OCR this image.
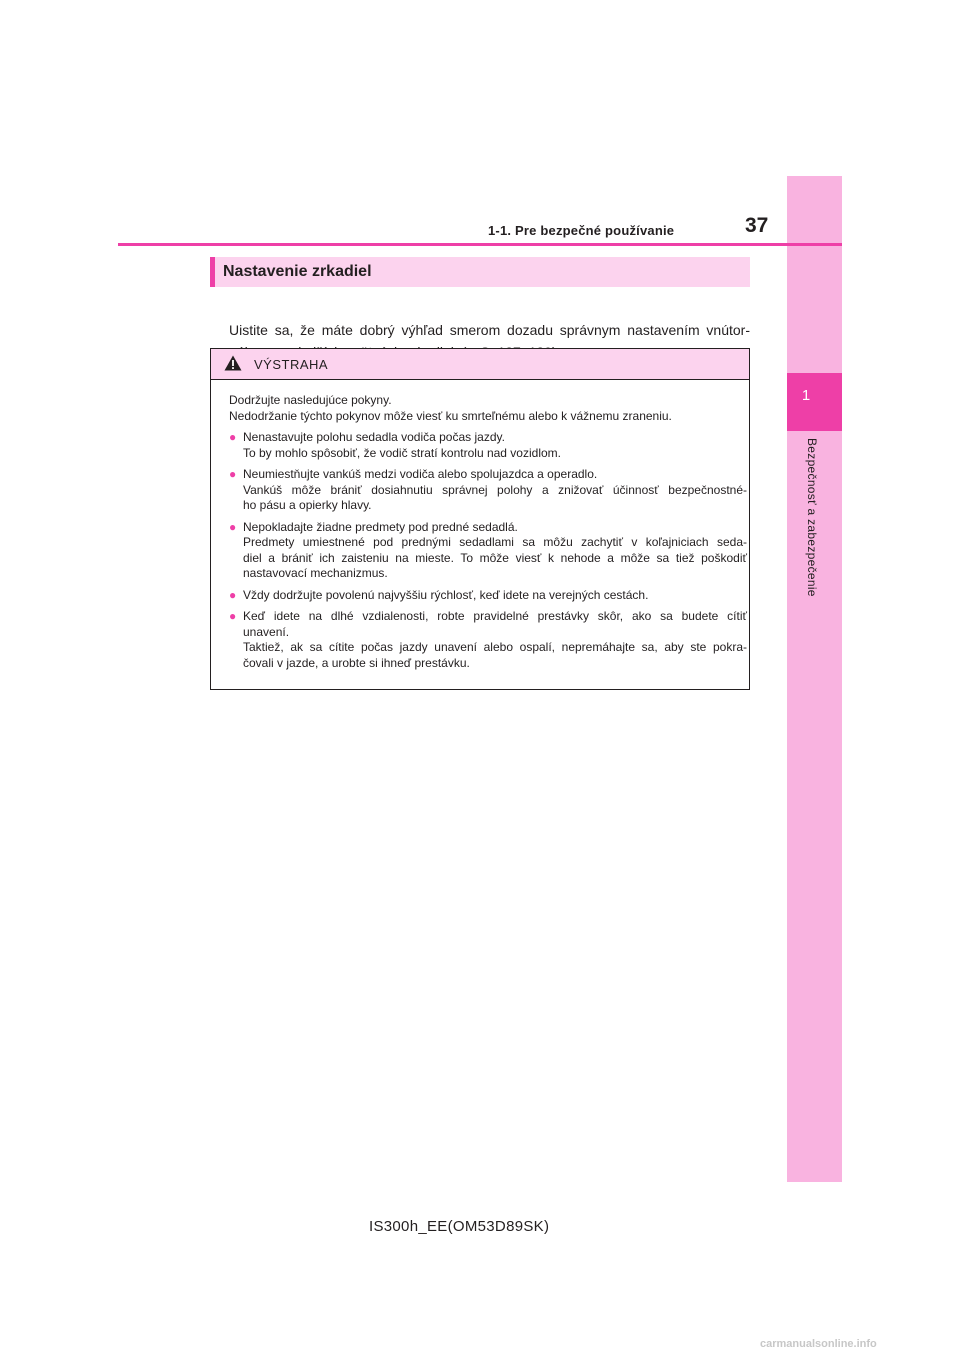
1
Bezpečnosť a zabezpečenie
1-1. Pre bezpečné používanie	37
Nastavenie zrkadiel
Uistite sa, že máte dobrý výhľad smerom dozadu správnym nastavením vnútor-
VÝSTRAHA
Dodržujte nasledujúce pokyny.
Nedodržanie týchto pokynov môže viesť ku smrteľnému alebo k vážnemu zraneniu.
● Nenastavujte polohu sedadla vodiča počas jazdy.
To by mohlo spôsobiť, že vodič stratí kontrolu nad vozidlom.
● Neumiestňujte vankúš medzi vodiča alebo spolujazdca a operadlo.
Vankúš môže brániť dosiahnutiu správnej polohy a znižovať účinnosť bezpečnostné-
ho pásu a opierky hlavy.
● Nepokladajte žiadne predmety pod predné sedadlá.
Predmety umiestnené pod prednými sedadlami sa môžu zachytiť v koľajniciach seda-
diel a brániť ich zaisteniu na mieste. To môže viesť k nehode a môže sa tiež poškodiť
nastavovací mechanizmus.
● Vždy dodržujte povolenú najvyššiu rýchlosť, keď idete na verejných cestách.
● Keď idete na dlhé vzdialenosti, robte pravidelné prestávky skôr, ako sa budete cítiť
unavení.
Taktiež, ak sa cítite počas jazdy unavení alebo ospalí, nepremáhajte sa, aby ste pokra-
čovali v jazde, a urobte si ihneď prestávku.
IS300h_EE(OM53D89SK)
carmanualsonline.info
